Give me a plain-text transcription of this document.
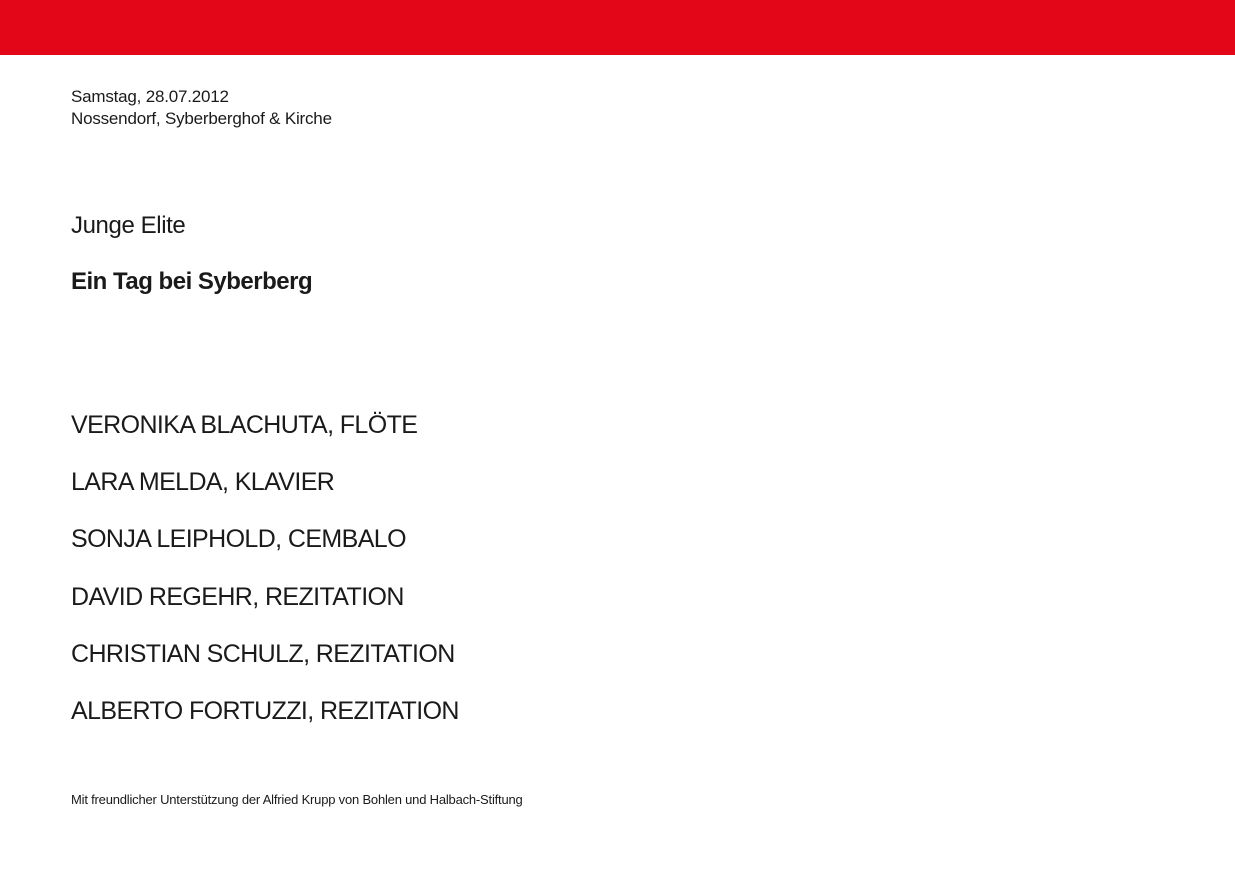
Samstag, 28.07.2012
Nossendorf, Syberberghof & Kirche
Junge Elite
Ein Tag bei Syberberg
VERONIKA BLACHUTA, FLÖTE
LARA MELDA, KLAVIER
SONJA LEIPHOLD, CEMBALO
DAVID REGEHR, REZITATION
CHRISTIAN SCHULZ, REZITATION
ALBERTO FORTUZZI, REZITATION
Mit freundlicher Unterstützung der Alfried Krupp von Bohlen und Halbach-Stiftung
